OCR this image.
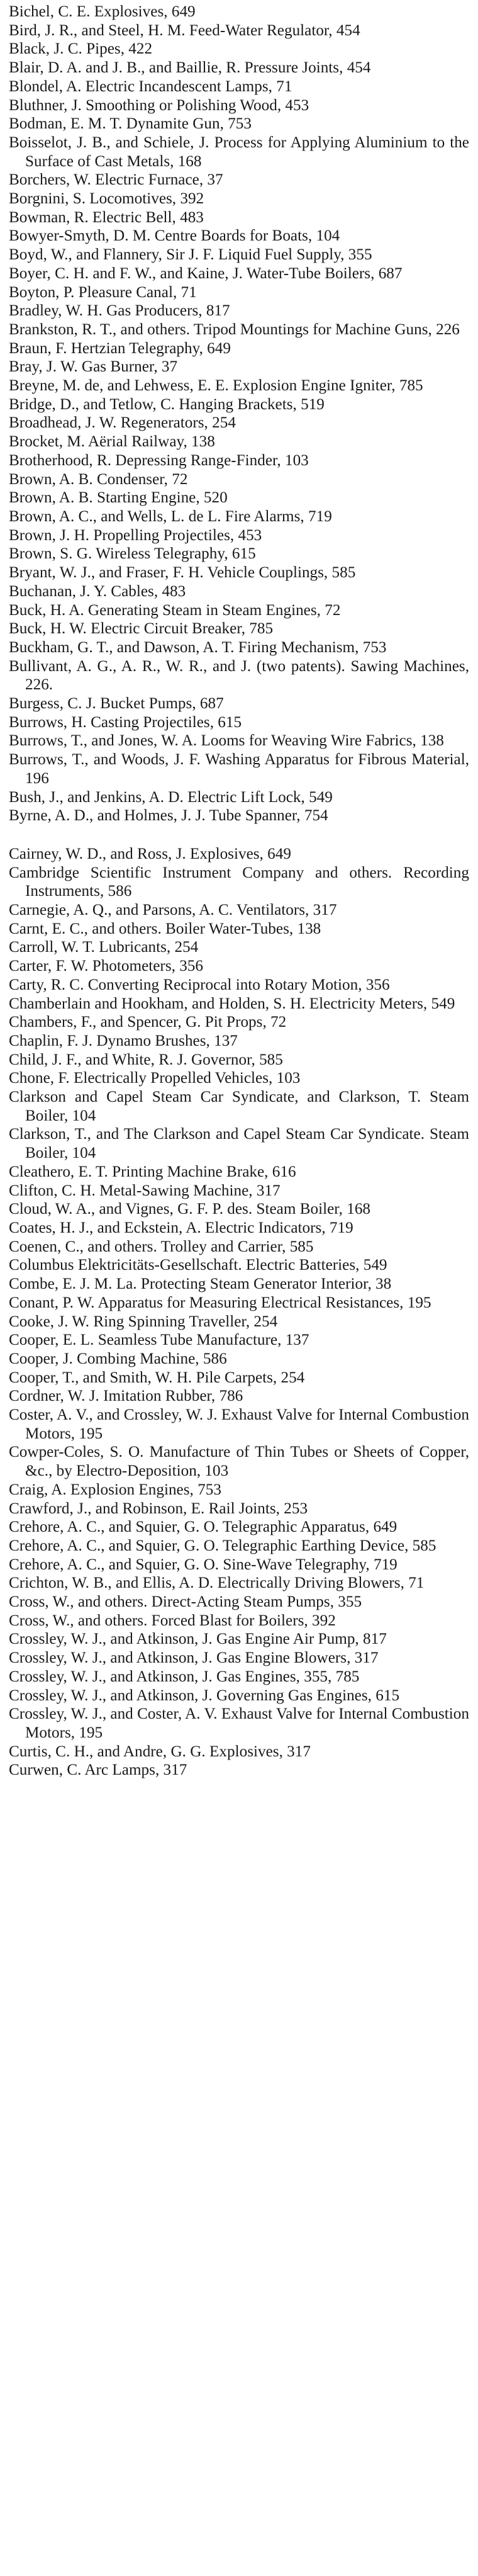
Bichel, C. E. Explosives, 649
Bird, J. R., and Steel, H. M. Feed-Water Regulator, 454
Black, J. C. Pipes, 422
Blair, D. A. and J. B., and Baillie, R. Pressure Joints, 454
Blondel, A. Electric Incandescent Lamps, 71
Bluthner, J. Smoothing or Polishing Wood, 453
Bodman, E. M. T. Dynamite Gun, 753
Boisselot, J. B., and Schiele, J. Process for Applying Aluminium to the Surface of Cast Metals, 168
Borchers, W. Electric Furnace, 37
Borgnini, S. Locomotives, 392
Bowman, R. Electric Bell, 483
Bowyer-Smyth, D. M. Centre Boards for Boats, 104
Boyd, W., and Flannery, Sir J. F. Liquid Fuel Supply, 355
Boyer, C. H. and F. W., and Kaine, J. Water-Tube Boilers, 687
Boyton, P. Pleasure Canal, 71
Bradley, W. H. Gas Producers, 817
Brankston, R. T., and others. Tripod Mountings for Machine Guns, 226
Braun, F. Hertzian Telegraphy, 649
Bray, J. W. Gas Burner, 37
Breyne, M. de, and Lehwess, E. E. Explosion Engine Igniter, 785
Bridge, D., and Tetlow, C. Hanging Brackets, 519
Broadhead, J. W. Regenerators, 254
Brocket, M. Aërial Railway, 138
Brotherhood, R. Depressing Range-Finder, 103
Brown, A. B. Condenser, 72
Brown, A. B. Starting Engine, 520
Brown, A. C., and Wells, L. de L. Fire Alarms, 719
Brown, J. H. Propelling Projectiles, 453
Brown, S. G. Wireless Telegraphy, 615
Bryant, W. J., and Fraser, F. H. Vehicle Couplings, 585
Buchanan, J. Y. Cables, 483
Buck, H. A. Generating Steam in Steam Engines, 72
Buck, H. W. Electric Circuit Breaker, 785
Buckham, G. T., and Dawson, A. T. Firing Mechanism, 753
Bullivant, A. G., A. R., W. R., and J. (two patents). Sawing Machines, 226.
Burgess, C. J. Bucket Pumps, 687
Burrows, H. Casting Projectiles, 615
Burrows, T., and Jones, W. A. Looms for Weaving Wire Fabrics, 138
Burrows, T., and Woods, J. F. Washing Apparatus for Fibrous Material, 196
Bush, J., and Jenkins, A. D. Electric Lift Lock, 549
Byrne, A. D., and Holmes, J. J. Tube Spanner, 754
Cairney, W. D., and Ross, J. Explosives, 649
Cambridge Scientific Instrument Company and others. Recording Instruments, 586
Carnegie, A. Q., and Parsons, A. C. Ventilators, 317
Carnt, E. C., and others. Boiler Water-Tubes, 138
Carroll, W. T. Lubricants, 254
Carter, F. W. Photometers, 356
Carty, R. C. Converting Reciprocal into Rotary Motion, 356
Chamberlain and Hookham, and Holden, S. H. Electricity Meters, 549
Chambers, F., and Spencer, G. Pit Props, 72
Chaplin, F. J. Dynamo Brushes, 137
Child, J. F., and White, R. J. Governor, 585
Chone, F. Electrically Propelled Vehicles, 103
Clarkson and Capel Steam Car Syndicate, and Clarkson, T. Steam Boiler, 104
Clarkson, T., and The Clarkson and Capel Steam Car Syndicate. Steam Boiler, 104
Cleathero, E. T. Printing Machine Brake, 616
Clifton, C. H. Metal-Sawing Machine, 317
Cloud, W. A., and Vignes, G. F. P. des. Steam Boiler, 168
Coates, H. J., and Eckstein, A. Electric Indicators, 719
Coenen, C., and others. Trolley and Carrier, 585
Columbus Elektricitäts-Gesellschaft. Electric Batteries, 549
Combe, E. J. M. La. Protecting Steam Generator Interior, 38
Conant, P. W. Apparatus for Measuring Electrical Resistances, 195
Cooke, J. W. Ring Spinning Traveller, 254
Cooper, E. L. Seamless Tube Manufacture, 137
Cooper, J. Combing Machine, 586
Cooper, T., and Smith, W. H. Pile Carpets, 254
Cordner, W. J. Imitation Rubber, 786
Coster, A. V., and Crossley, W. J. Exhaust Valve for Internal Combustion Motors, 195
Cowper-Coles, S. O. Manufacture of Thin Tubes or Sheets of Copper, &c., by Electro-Deposition, 103
Craig, A. Explosion Engines, 753
Crawford, J., and Robinson, E. Rail Joints, 253
Crehore, A. C., and Squier, G. O. Telegraphic Apparatus, 649
Crehore, A. C., and Squier, G. O. Telegraphic Earthing Device, 585
Crehore, A. C., and Squier, G. O. Sine-Wave Telegraphy, 719
Crichton, W. B., and Ellis, A. D. Electrically Driving Blowers, 71
Cross, W., and others. Direct-Acting Steam Pumps, 355
Cross, W., and others. Forced Blast for Boilers, 392
Crossley, W. J., and Atkinson, J. Gas Engine Air Pump, 817
Crossley, W. J., and Atkinson, J. Gas Engine Blowers, 317
Crossley, W. J., and Atkinson, J. Gas Engines, 355, 785
Crossley, W. J., and Atkinson, J. Governing Gas Engines, 615
Crossley, W. J., and Coster, A. V. Exhaust Valve for Internal Combustion Motors, 195
Curtis, C. H., and Andre, G. G. Explosives, 317
Curwen, C. Arc Lamps, 317
